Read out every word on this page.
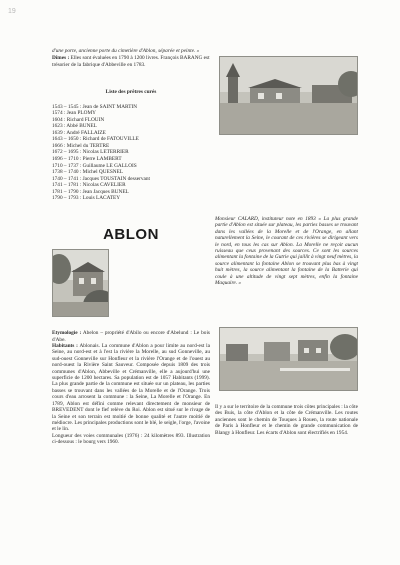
19

d'une porte, ancienne porte du cimetière d'Ablon, séparée et peinte. »

Dîmes : Elles sont évaluées en 1790 à 1200 livres. François BARANG est trésorier de la fabrique d'Abbeville en 1783.

Liste des prêtres curés

1543 – 1545 : Jean de SAINT MARTIN
1574 : Jean PLOMY
1604 : Richard FLOUIN
1623 : Abbé BUNEL
1639 : André FALLAIZE
1643 – 1650 : Richard de FATOUVILLE
1666 : Michel du TERTRE
1672 – 1695 : Nicolas LETERRIER
1696 – 1710 : Pierre LAMBERT
1710 – 1737 : Guillaume LE GALLOIS
1738 – 1740 : Michel QUESNEL
1740 – 1741 : Jacques TOUSTAIN desservant
1741 – 1781 : Nicolas CAVELIER
1781 – 1790 : Jean Jacques BUNEL
1790 – 1793 : Louis LACATEY
ABLON

Etymologie : Abelon – propriété d'Abilo ou encore d'Abelund : Le bois d'Abe.

Habitants : Ablonais. La commune d'Ablon a pour limite au nord-est la Seine, au nord-est et à l'est la rivière la Morelle, au sud Gonneville, au sud-ouest Gonneville sur Honfleur et la rivière l'Orange et de l'ouest au nord-ouest la Rivière Saint Sauveur. Composée depuis 1809 des trois communes d'Ablon, Abbeville et Crémanville, elle a aujourd'hui une superficie de 1200 hectares. Sa population est de 1057 Habitants (1999). La plus grande partie de la commune est située sur un plateau, les parties basses se trouvant dans les vallées de la Morelle et de l'Orange. Trois cours d'eau arrosent la commune : la Seine, La Morelle et l'Orange. En 1789, Ablon est défini comme relevant directement de monsieur de BREVEDENT dont le fief relève du Roi. Ablon est situé sur le rivage de la Seine et son terrain est moitié de bonne qualité et l'autre moitié de médiocre. Les principales productions sont le blé, le seigle, l'orge, l'avoine et le lin.

Longueur des voies communales (1976) : 24 kilomètres 893. Illustration ci-dessous : le bourg vers 1960.

Monsieur CALARD, instituteur note en 1893 « La plus grande partie d'Ablon est située sur plateau, les parties basses se trouvant dans les vallées de la Morelle et de l'Orange, en allant naturellement la Seine, le courant de ces rivières se dirigeant vers le nord, en tous les cas sur Ablon. La Morelle ne reçoit aucun ruisseau que ceux provenant des sources. Ce sont les sources alimentant la fontaine de la Gutrie qui jaillit à vingt neuf mètres, la source alimentant la fontaine Ablon se trouvant plus bas à vingt huit mètres, la source alimentant la fontaine de la Batterie qui coule à une altitude de vingt sept mètres, enfin la fontaine Maquaire. »

Il y a sur le territoire de la commune trois côtes principales : la côte des Buis, la côte d'Ablon et la côte de Crémanville. Les routes anciennes sont le chemin de Touques à Rouen, la route nationale de Paris à Honfleur et le chemin de grande communication de Blangy à Honfleur. Les écarts d'Ablon sont électrifiés en 1954.
